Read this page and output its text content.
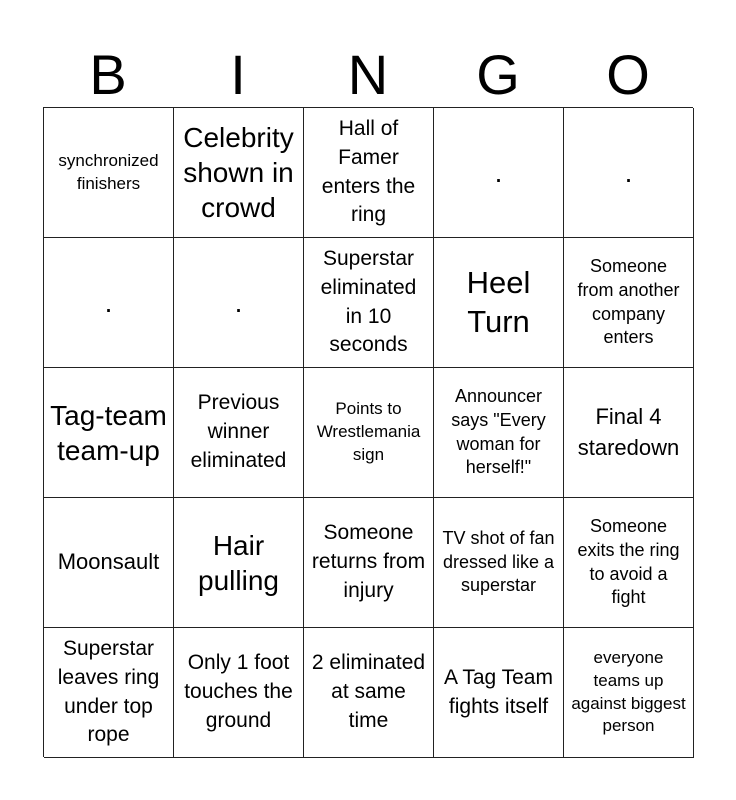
B	I	N	G	O
synchronized finishers
Celebrity shown in crowd
Hall of Famer enters the ring
.	.
.	.
Superstar eliminated in 10 seconds
Heel Turn
Someone from another company enters
Tag-team team-up
Previous winner eliminated
Points to Wrestlemania sign
Announcer says "Every woman for herself!"
Final 4 staredown
Moonsault
Hair pulling
Someone returns from injury
TV shot of fan dressed like a superstar
Someone exits the ring to avoid a fight
Superstar leaves ring under top rope
Only 1 foot touches the ground
2 eliminated at same time
A Tag Team fights itself
everyone teams up against biggest person
